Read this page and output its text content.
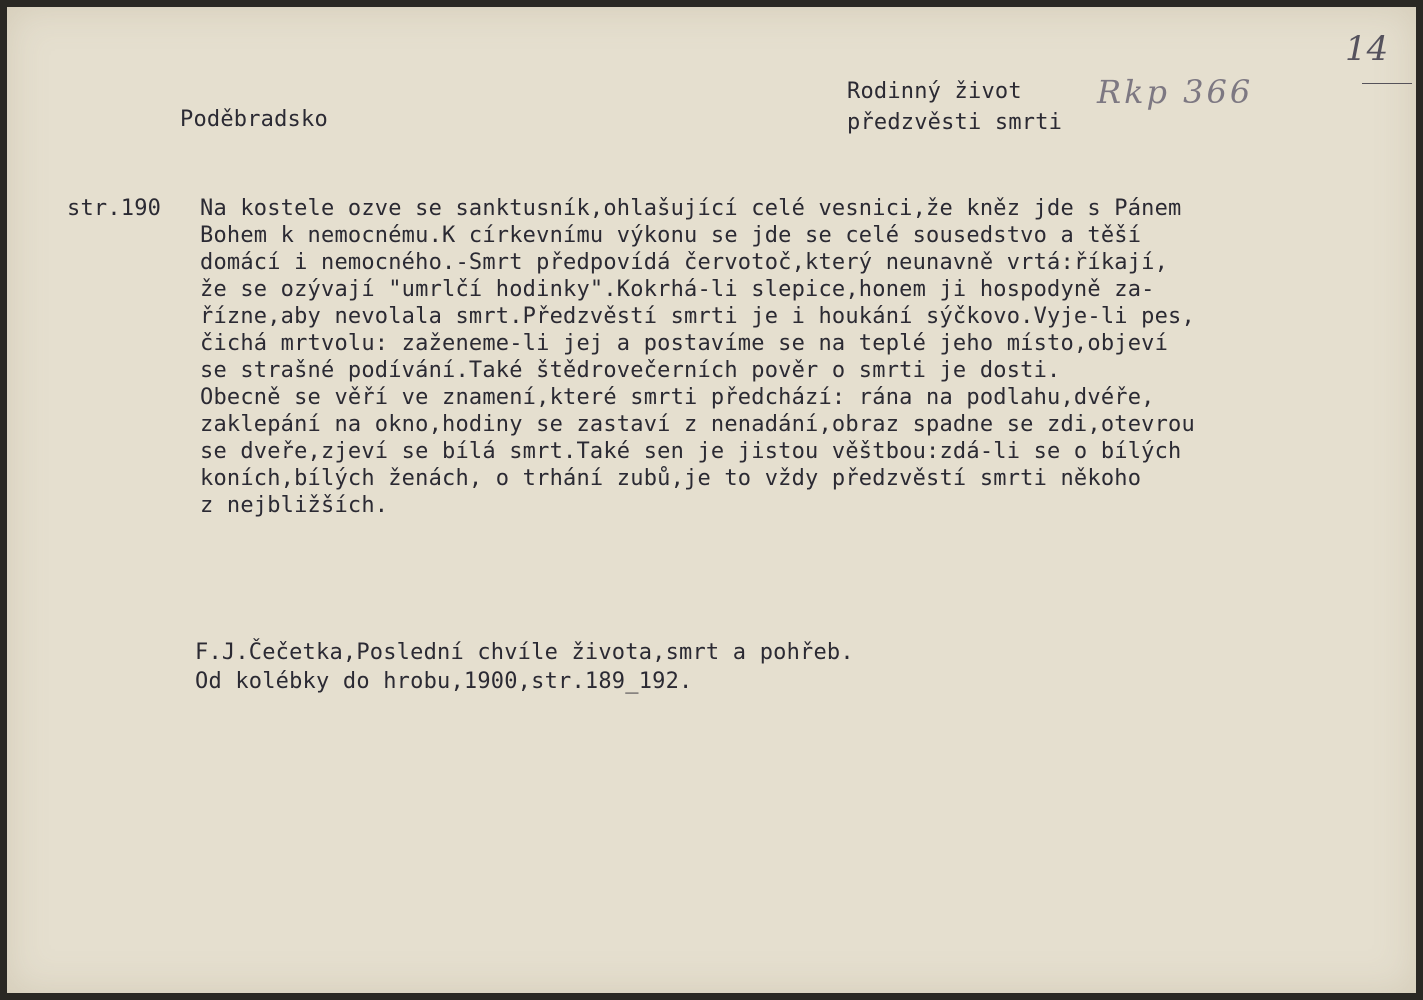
14
Poděbradsko
Rodinný život
předzvěsti smrti
Rkp 366
str.190 Na kostele ozve se sanktusník,ohlašující celé vesnici,že kněz jde s Pánem
Bohem k nemocnému.K církevnímu výkonu se jde se celé sousedstvo a těší
domácí i nemocného.-Smrt předpovídá červotoč,který neunavně vrtá:říkají,
že se ozývají "umrlčí hodinky".Kokrhá-li slepice,honem ji hospodyně za-
řízne,aby nevolala smrt.Předzvěstí smrti je i houkání sýčkovo.Vyje-li pes,
čichá mrtvolu: zaženeme-li jej a postavíme se na teplé jeho místo,objeví
se strašné podívání.Také štědrovečerních pověr o smrti je dosti.
Obecně se věří ve znamení,které smrti předchází: rána na podlahu,dvéře,
zaklepání na okno,hodiny se zastaví z nenadání,obraz spadne se zdi,otevrou
se dveře,zjeví se bílá smrt.Také sen je jistou věštbou:zdá-li se o bílých
koních,bílých ženách, o trhání zubů,je to vždy předzvěstí smrti někoho
z nejbližších.
F.J.Čečetka,Poslední chvíle života,smrt a pohřeb.
Od kolébky do hrobu,1900,str.189_192.
